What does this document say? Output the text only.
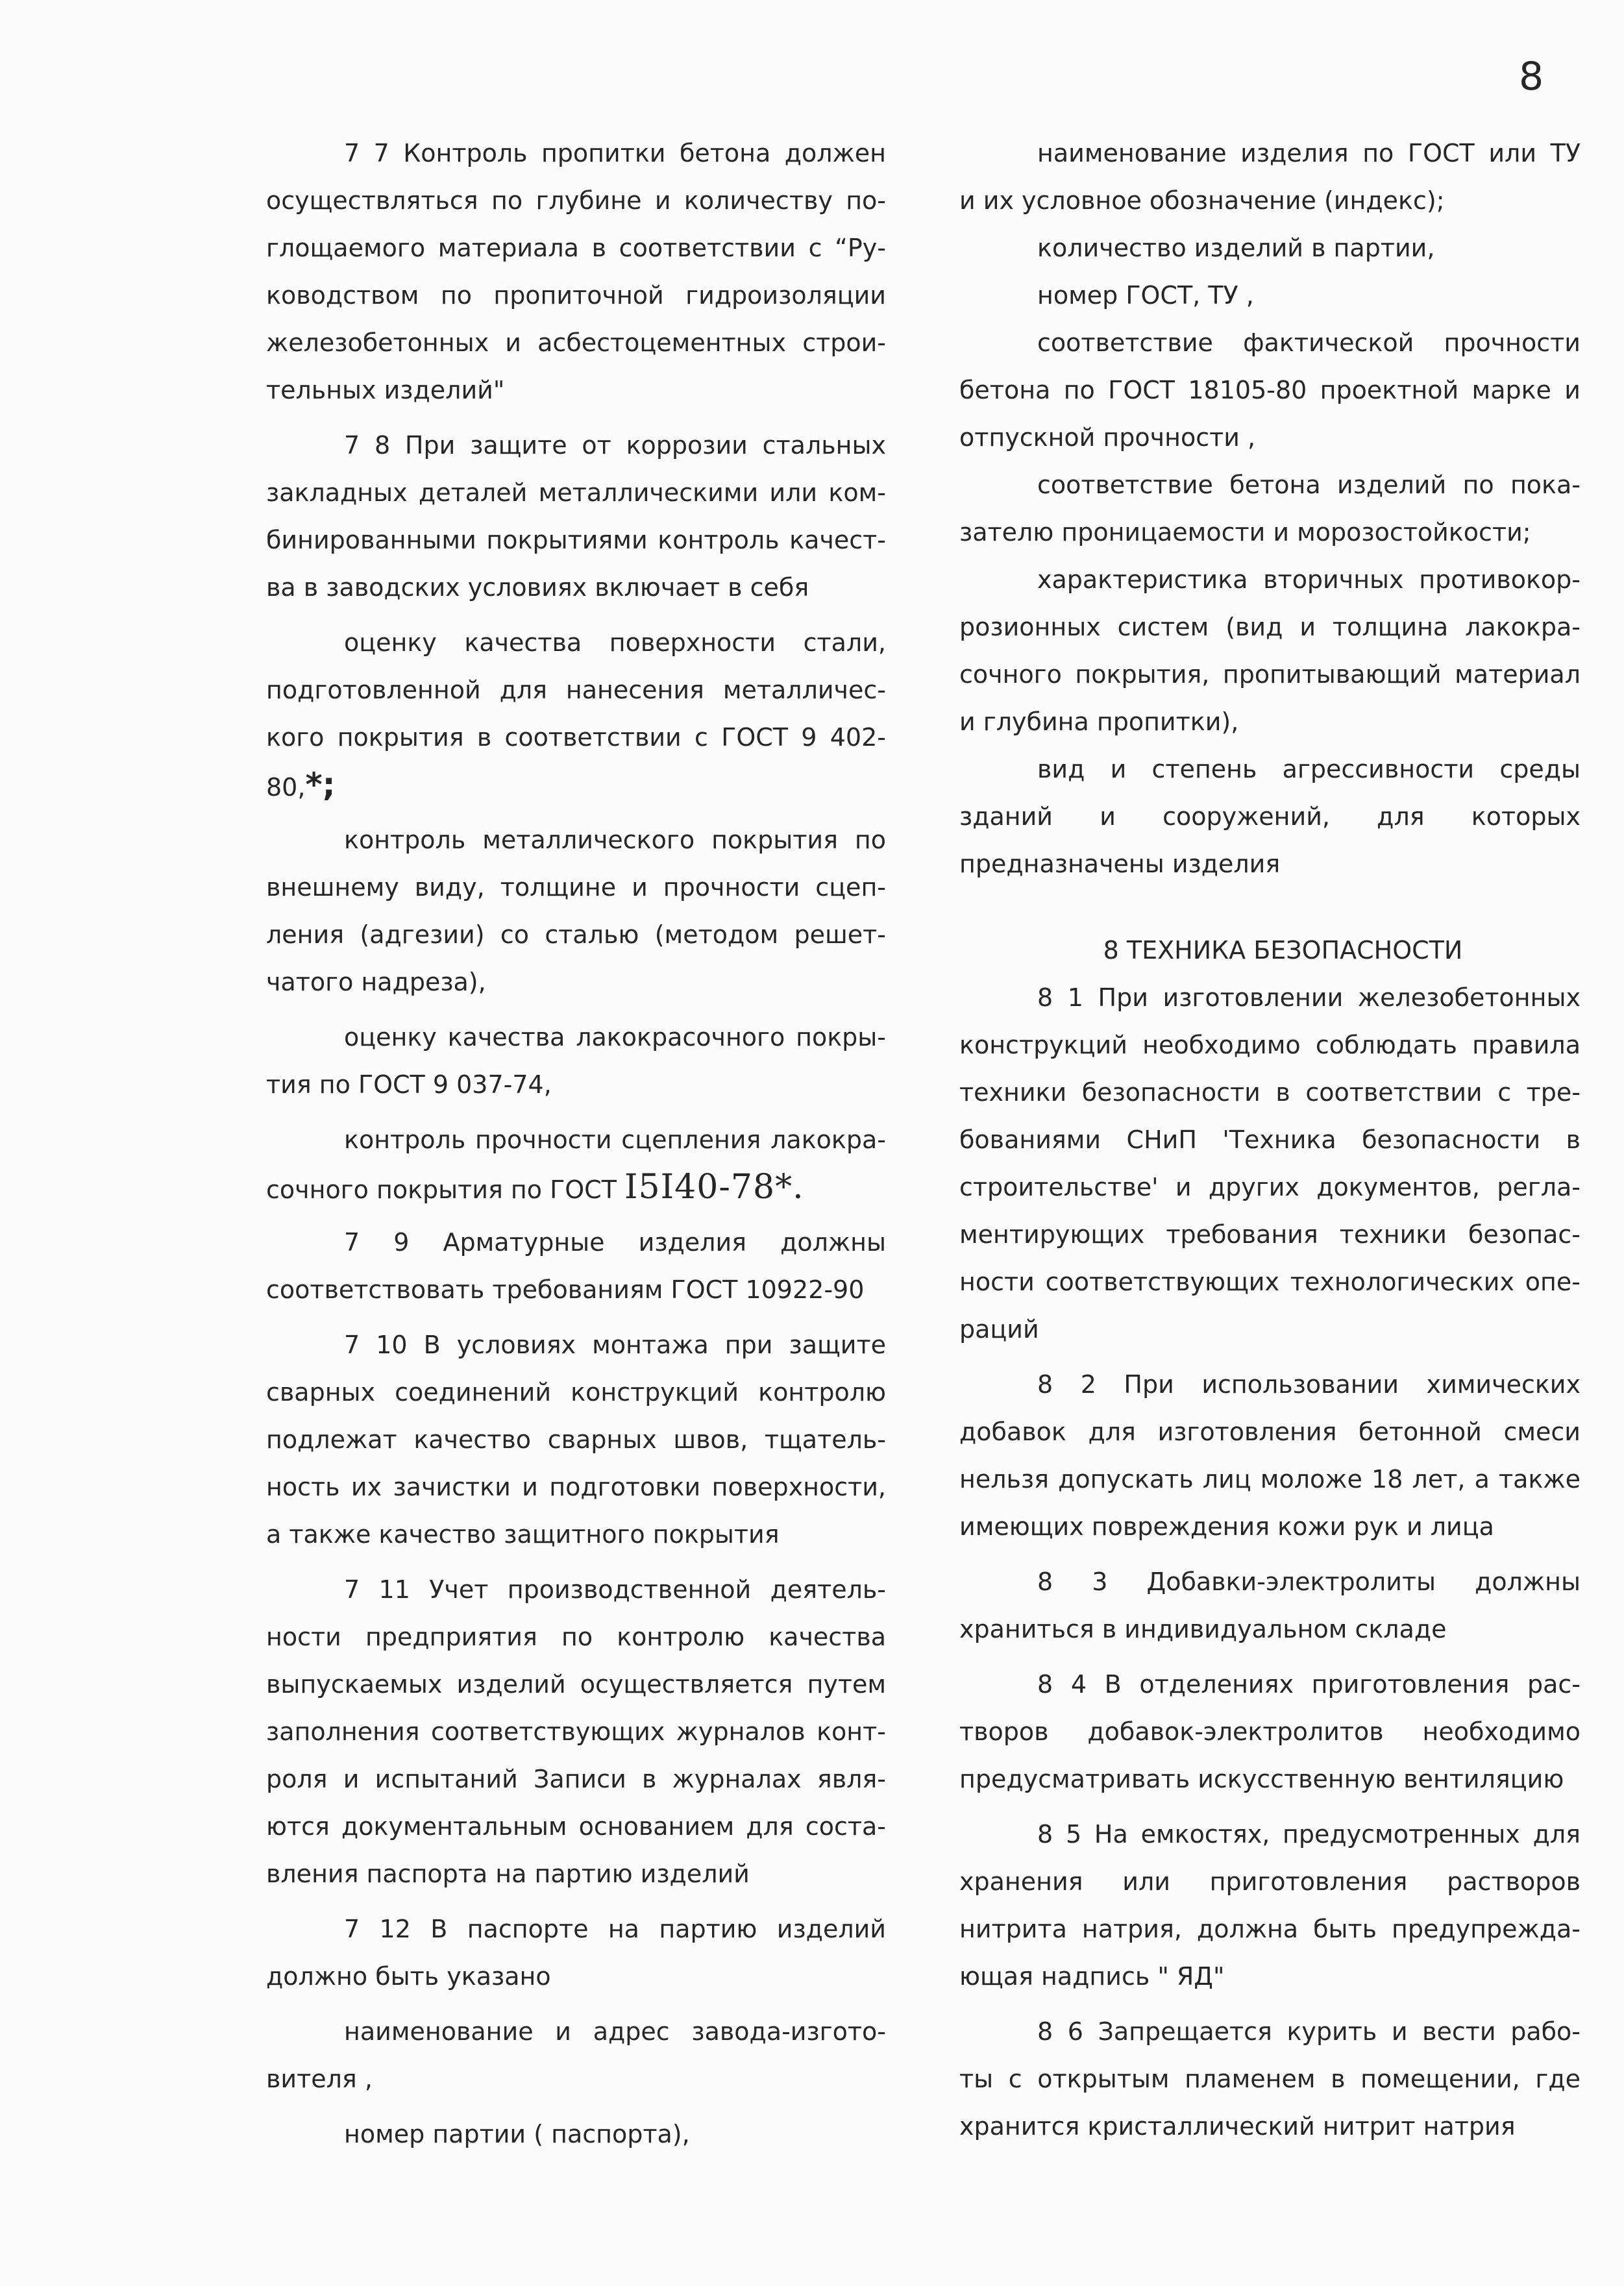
8
7 7 Контроль пропитки бетона должен
осуществляться по глубине и количеству по-
глощаемого материала в соответствии с “Ру-
ководством по пропиточной гидроизоляции
железобетонных и асбестоцементных строи-
тельных изделий"
7 8 При защите от коррозии стальных
закладных деталей металлическими или ком-
бинированными покрытиями контроль качест-
ва в заводских условиях включает в себя
оценку качества поверхности стали,
подготовленной для нанесения металличес-
кого покрытия в соответствии с ГОСТ 9 402-
80,*;
контроль металлического покрытия по
внешнему виду, толщине и прочности сцеп-
ления (адгезии) со сталью (методом решет-
чатого надреза),
оценку качества лакокрасочного покры-
тия по ГОСТ 9 037-74,
контроль прочности сцепления лакокра-
сочного покрытия по ГОСТ I5I40-78*.
7 9 Арматурные изделия должны
соответствовать требованиям ГОСТ 10922-90
7 10 В условиях монтажа при защите
сварных соединений конструкций контролю
подлежат качество сварных швов, тщатель-
ность их зачистки и подготовки поверхности,
а также качество защитного покрытия
7 11 Учет производственной деятель-
ности предприятия по контролю качества
выпускаемых изделий осуществляется путем
заполнения соответствующих журналов конт-
роля и испытаний Записи в журналах явля-
ются документальным основанием для соста-
вления паспорта на партию изделий
7 12 В паспорте на партию изделий
должно быть указано
наименование и адрес завода-изгото-
вителя ,
номер партии ( паспорта),
наименование изделия по ГОСТ или ТУ
и их условное обозначение (индекс);
количество изделий в партии,
номер ГОСТ, ТУ ,
соответствие фактической прочности
бетона по ГОСТ 18105-80 проектной марке и
отпускной прочности ,
соответствие бетона изделий по пока-
зателю проницаемости и морозостойкости;
характеристика вторичных противокор-
розионных систем (вид и толщина лакокра-
сочного покрытия, пропитывающий материал
и глубина пропитки),
вид и степень агрессивности среды
зданий и сооружений, для которых
предназначены изделия
8 ТЕХНИКА БЕЗОПАСНОСТИ
8 1 При изготовлении железобетонных
конструкций необходимо соблюдать правила
техники безопасности в соответствии с тре-
бованиями СНиП 'Техника безопасности в
строительстве' и других документов, регла-
ментирующих требования техники безопас-
ности соответствующих технологических опе-
раций
8 2 При использовании химических
добавок для изготовления бетонной смеси
нельзя допускать лиц моложе 18 лет, а также
имеющих повреждения кожи рук и лица
8 3 Добавки-электролиты должны
храниться в индивидуальном складе
8 4 В отделениях приготовления рас-
творов добавок-электролитов необходимо
предусматривать искусственную вентиляцию
8 5 На емкостях, предусмотренных для
хранения или приготовления растворов
нитрита натрия, должна быть предупрежда-
ющая надпись " ЯД"
8 6 Запрещается курить и вести рабо-
ты с открытым пламенем в помещении, где
хранится кристаллический нитрит натрия
